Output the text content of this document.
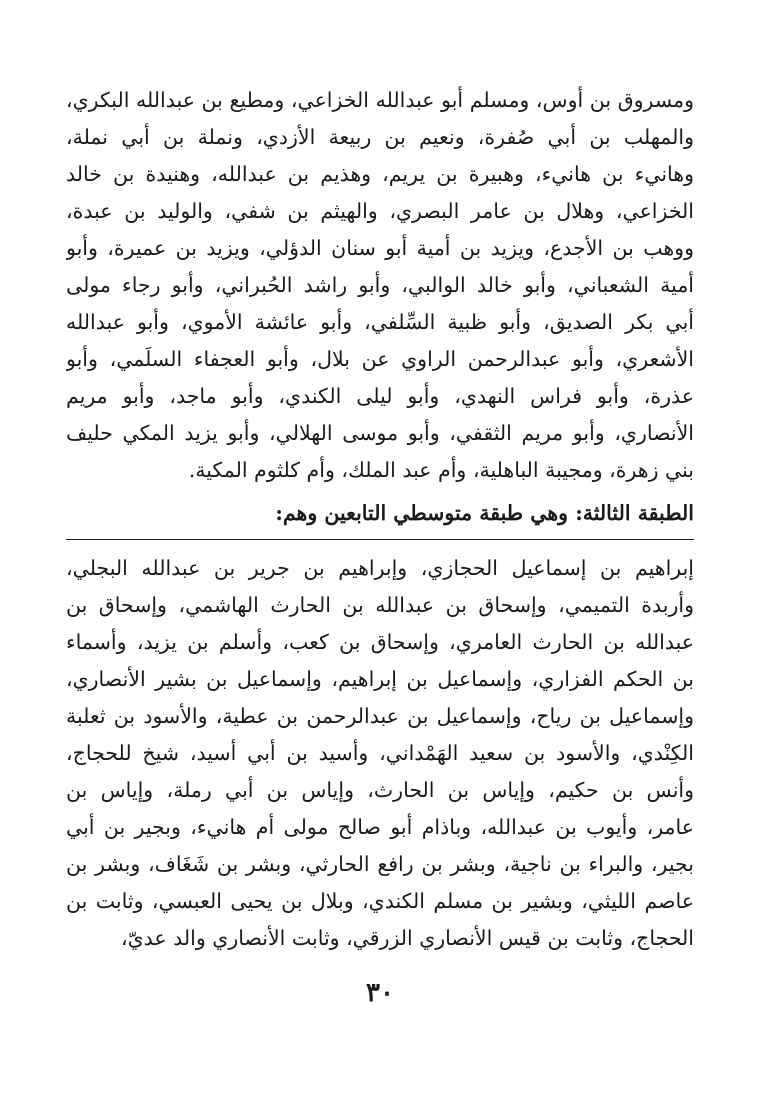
ومسروق بن أوس، ومسلم أبو عبدالله الخزاعي، ومطيع بن عبدالله البكري،
والمهلب بن أبي صُفرة، ونعيم بن ربيعة الأزدي، ونملة بن أبي نملة،
وهانيء بن هانيء، وهبيرة بن يريم، وهذيم بن عبدالله، وهنيدة بن خالد
الخزاعي، وهلال بن عامر البصري، والهيثم بن شفي، والوليد بن عبدة،
ووهب بن الأجدع، ويزيد بن أمية أبو سنان الدؤلي، ويزيد بن عميرة، وأبو
أمية الشعباني، وأبو خالد الوالبي، وأبو راشد الحُبراني، وأبو رجاء مولى
أبي بكر الصديق، وأبو ظبية السِّلفي، وأبو عائشة الأموي، وأبو عبدالله
الأشعري، وأبو عبدالرحمن الراوي عن بلال، وأبو العجفاء السلَمي، وأبو
عذرة، وأبو فراس النهدي، وأبو ليلى الكندي، وأبو ماجد، وأبو مريم
الأنصاري، وأبو مريم الثقفي، وأبو موسى الهلالي، وأبو يزيد المكي حليف
بني زهرة، ومجيبة الباهلية، وأم عبد الملك، وأم كلثوم المكية.
الطبقة الثالثة: وهي طبقة متوسطي التابعين وهم:
إبراهيم بن إسماعيل الحجازي، وإبراهيم بن جرير بن عبدالله البجلي،
وأربدة التميمي، وإسحاق بن عبدالله بن الحارث الهاشمي، وإسحاق بن
عبدالله بن الحارث العامري، وإسحاق بن كعب، وأسلم بن يزيد، وأسماء
بن الحكم الفزاري، وإسماعيل بن إبراهيم، وإسماعيل بن بشير الأنصاري،
وإسماعيل بن رياح، وإسماعيل بن عبدالرحمن بن عطية، والأسود بن ثعلبة
الكِنْدي، والأسود بن سعيد الهَمْداني، وأسيد بن أبي أسيد، شيخ للحجاج،
وأنس بن حكيم، وإياس بن الحارث، وإياس بن أبي رملة، وإياس بن
عامر، وأيوب بن عبدالله، وباذام أبو صالح مولى أم هانيء، وبجير بن أبي
بجير، والبراء بن ناجية، وبشر بن رافع الحارثي، وبشر بن شَغَاف، وبشر بن
عاصم الليثي، وبشير بن مسلم الكندي، وبلال بن يحيى العبسي، وثابت بن
الحجاج، وثابت بن قيس الأنصاري الزرقي، وثابت الأنصاري والد عديّ،
٣٠
